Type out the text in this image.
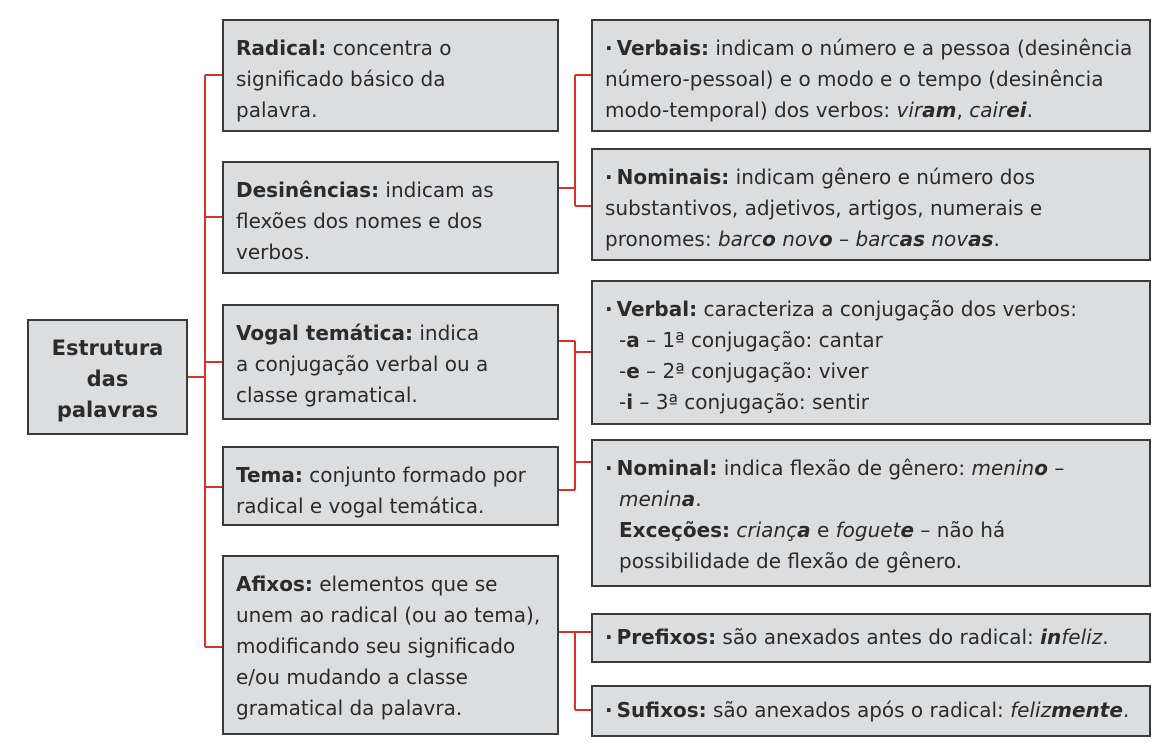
Estrutura
das
palavras
Radical: concentra o
significado básico da
palavra.
Desinências: indicam as
flexões dos nomes e dos
verbos.
Vogal temática: indica
a conjugação verbal ou a
classe gramatical.
Tema: conjunto formado por
radical e vogal temática.
Afixos: elementos que se
unem ao radical (ou ao tema),
modificando seu significado
e/ou mudando a classe
gramatical da palavra.
· Verbais: indicam o número e a pessoa (desinência
número-pessoal) e o modo e o tempo (desinência
modo-temporal) dos verbos: viram, cairei.
· Nominais: indicam gênero e número dos
substantivos, adjetivos, artigos, numerais e
pronomes: barco novo – barcas novas.
· Verbal: caracteriza a conjugação dos verbos:
-a – 1ª conjugação: cantar
-e – 2ª conjugação: viver
-i – 3ª conjugação: sentir
· Nominal: indica flexão de gênero: menino –
menina.
Exceções: criança e foguete – não há
possibilidade de flexão de gênero.
· Prefixos: são anexados antes do radical: infeliz.
· Sufixos: são anexados após o radical: felizmente.
